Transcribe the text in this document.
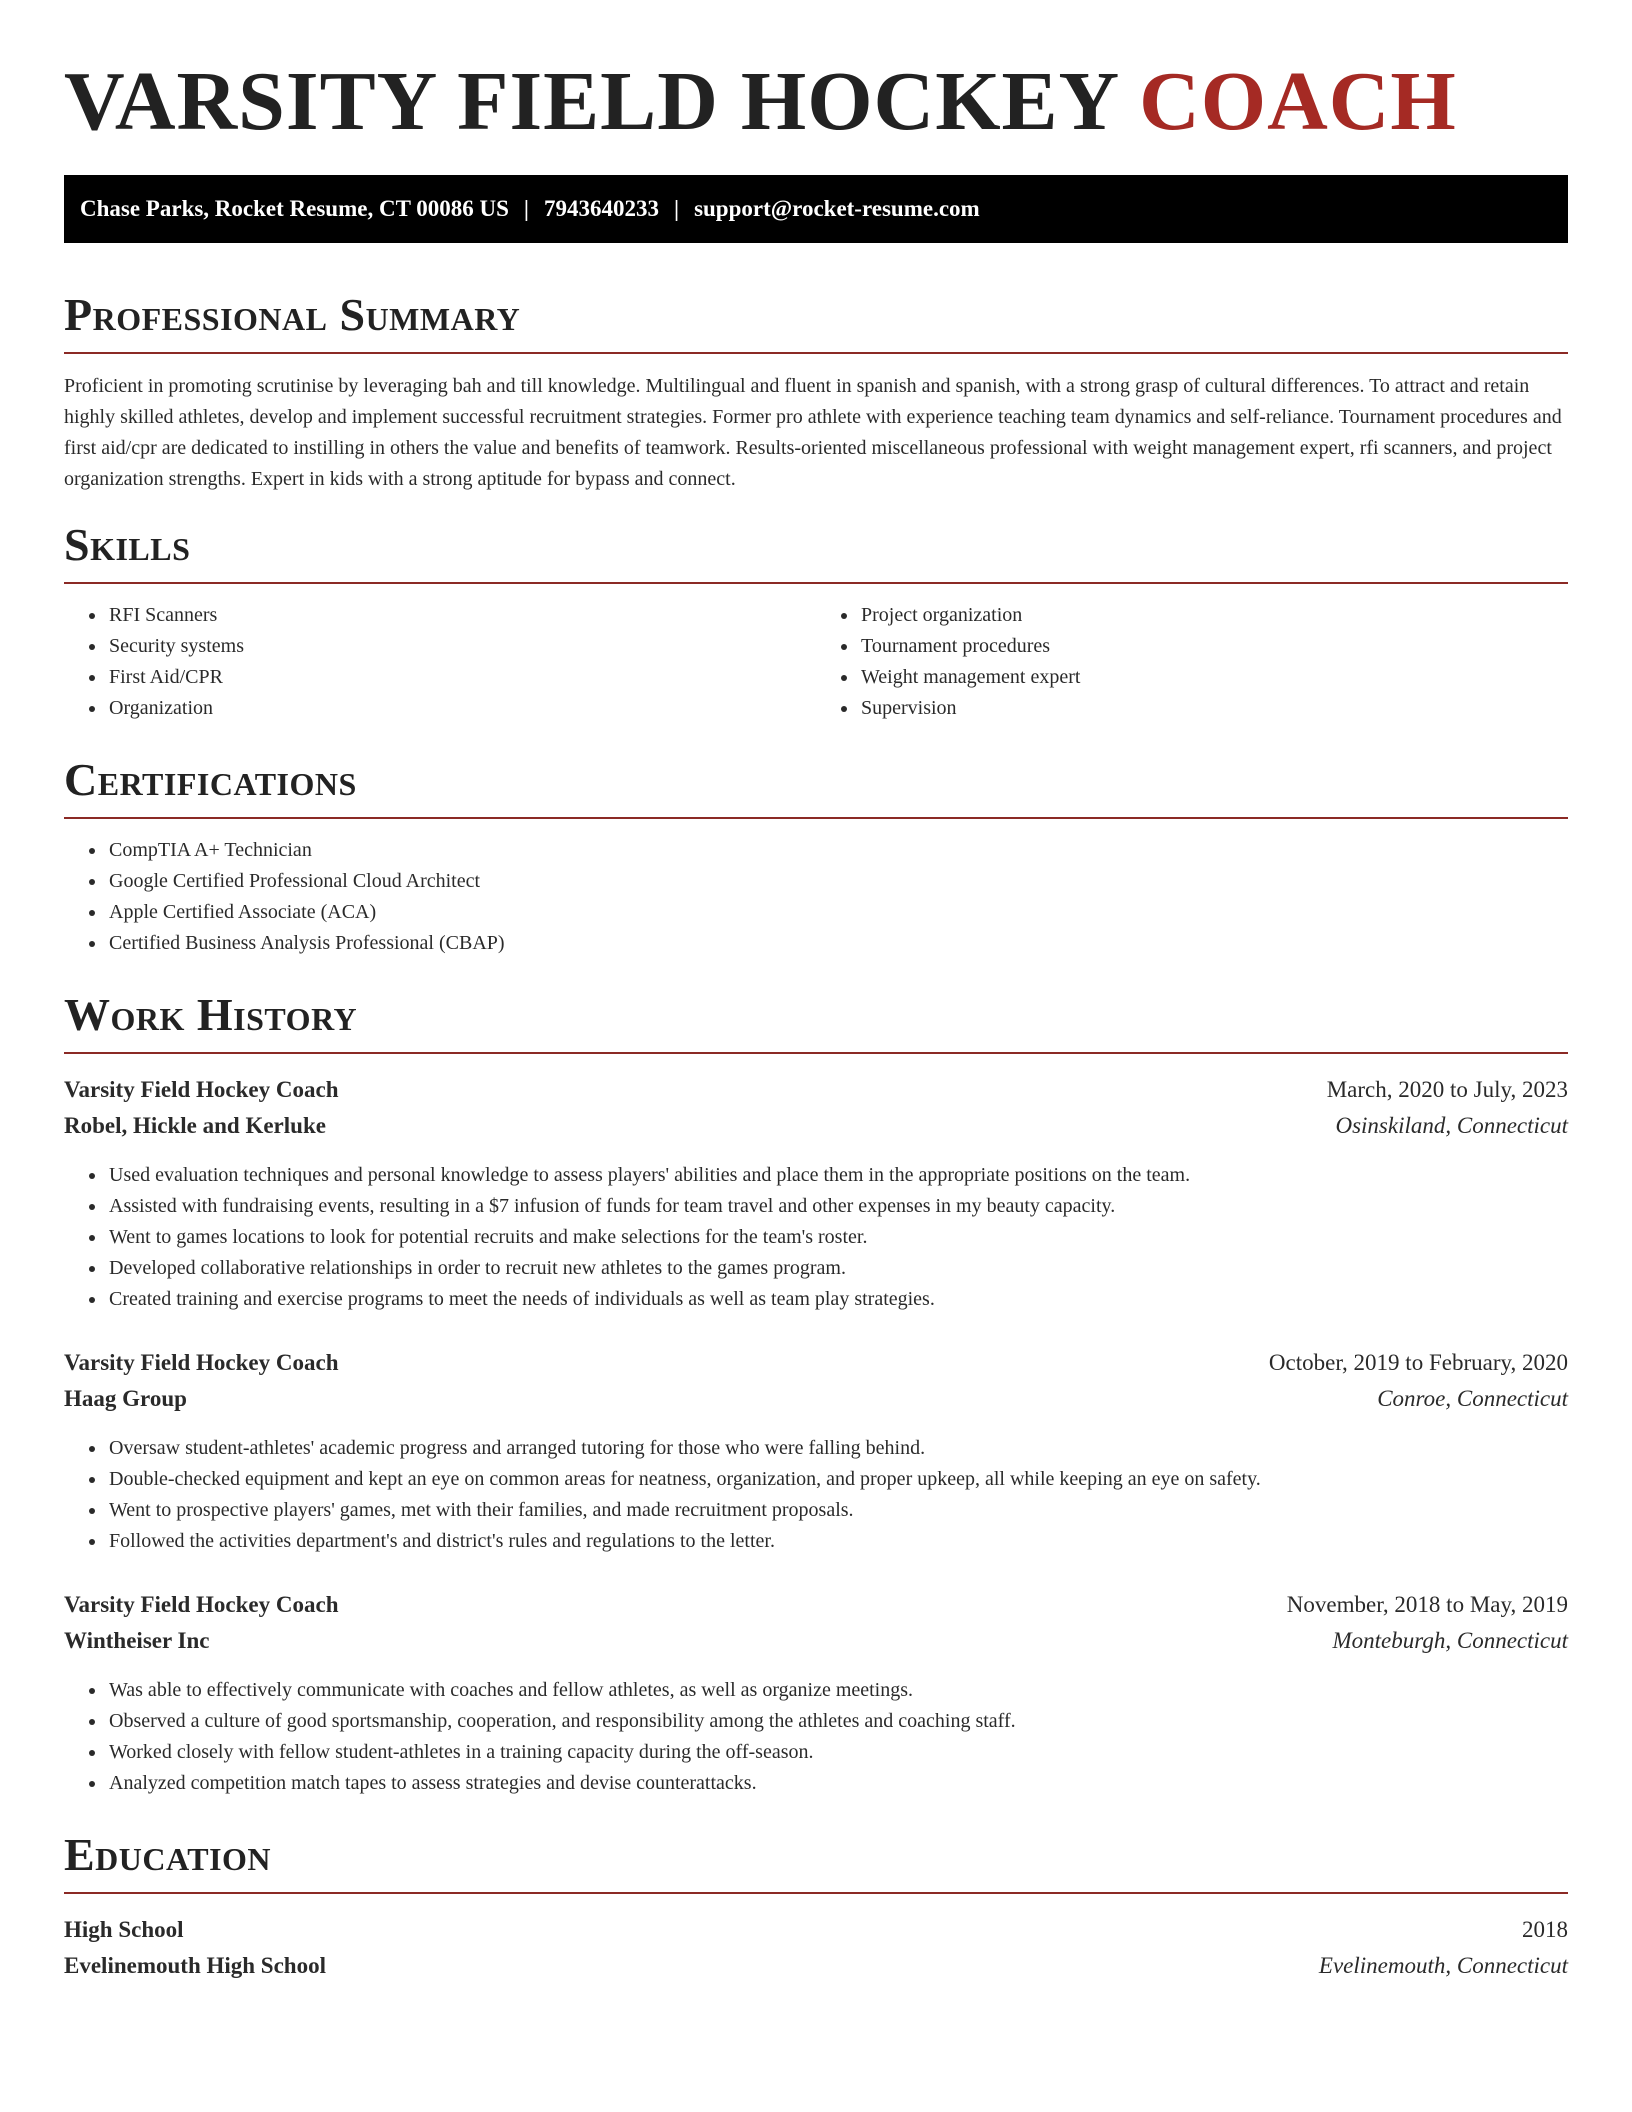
VARSITY FIELD HOCKEY COACH
Chase Parks, Rocket Resume, CT 00086 US | 7943640233 | support@rocket-resume.com
Professional Summary

Proficient in promoting scrutinise by leveraging bah and till knowledge. Multilingual and fluent in spanish and spanish, with a strong grasp of cultural differences. To attract and retain highly skilled athletes, develop and implement successful recruitment strategies. Former pro athlete with experience teaching team dynamics and self-reliance. Tournament procedures and first aid/cpr are dedicated to instilling in others the value and benefits of teamwork. Results-oriented miscellaneous professional with weight management expert, rfi scanners, and project organization strengths. Expert in kids with a strong aptitude for bypass and connect.

Skills
• RFI Scanners
• Security systems
• First Aid/CPR
• Organization
• Project organization
• Tournament procedures
• Weight management expert
• Supervision
Certifications
• CompTIA A+ Technician
• Google Certified Professional Cloud Architect
• Apple Certified Associate (ACA)
• Certified Business Analysis Professional (CBAP)
Work History
Varsity Field Hockey Coach	March, 2020 to July, 2023
Robel, Hickle and Kerluke	Osinskiland, Connecticut
• Used evaluation techniques and personal knowledge to assess players' abilities and place them in the appropriate positions on the team.
• Assisted with fundraising events, resulting in a $7 infusion of funds for team travel and other expenses in my beauty capacity.
• Went to games locations to look for potential recruits and make selections for the team's roster.
• Developed collaborative relationships in order to recruit new athletes to the games program.
• Created training and exercise programs to meet the needs of individuals as well as team play strategies.
Varsity Field Hockey Coach	October, 2019 to February, 2020
Haag Group	Conroe, Connecticut
• Oversaw student-athletes' academic progress and arranged tutoring for those who were falling behind.
• Double-checked equipment and kept an eye on common areas for neatness, organization, and proper upkeep, all while keeping an eye on safety.
• Went to prospective players' games, met with their families, and made recruitment proposals.
• Followed the activities department's and district's rules and regulations to the letter.
Varsity Field Hockey Coach	November, 2018 to May, 2019
Wintheiser Inc	Monteburgh, Connecticut
• Was able to effectively communicate with coaches and fellow athletes, as well as organize meetings.
• Observed a culture of good sportsmanship, cooperation, and responsibility among the athletes and coaching staff.
• Worked closely with fellow student-athletes in a training capacity during the off-season.
• Analyzed competition match tapes to assess strategies and devise counterattacks.
Education
High School	2018
Evelinemouth High School	Evelinemouth, Connecticut
